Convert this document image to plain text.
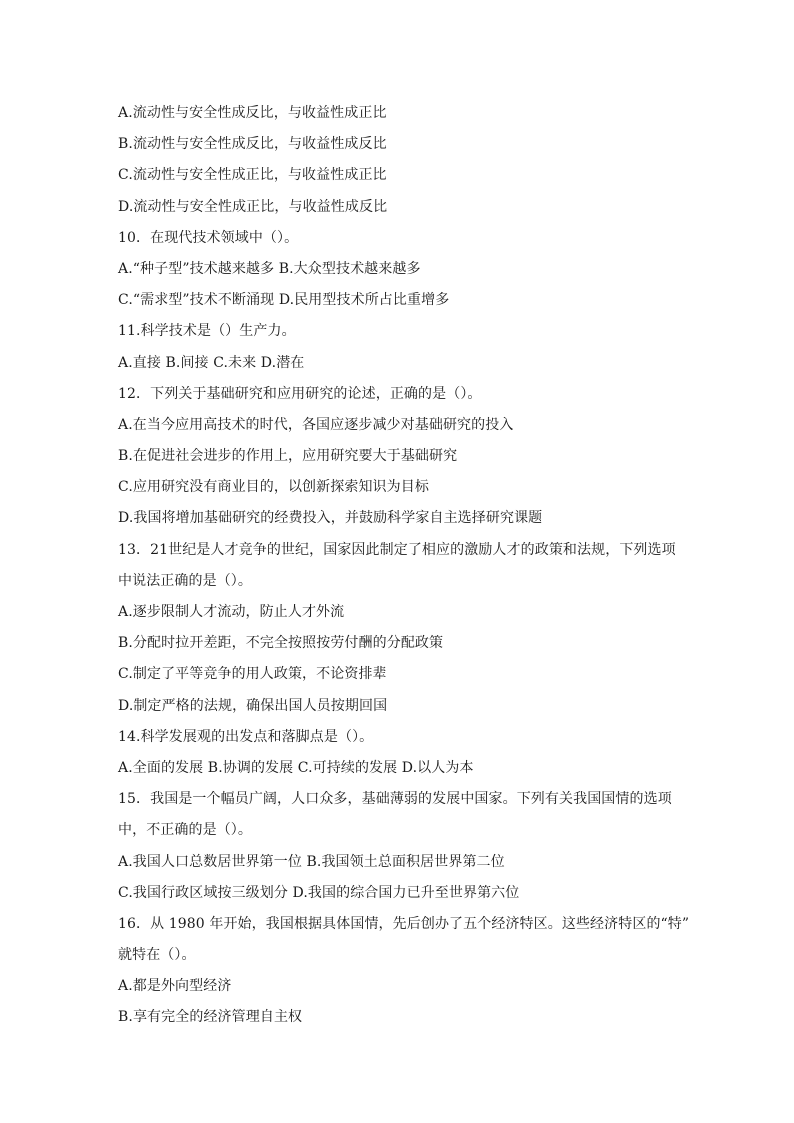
A.流动性与安全性成反比，与收益性成正比
B.流动性与安全性成反比，与收益性成反比
C.流动性与安全性成正比，与收益性成正比
D.流动性与安全性成正比，与收益性成反比
10．在现代技术领域中（）。
A.“种子型”技术越来越多 B.大众型技术越来越多
C.“需求型”技术不断涌现 D.民用型技术所占比重增多
11.科学技术是（）生产力。
A.直接 B.间接 C.未来 D.潜在
12．下列关于基础研究和应用研究的论述，正确的是（）。
A.在当今应用高技术的时代，各国应逐步减少对基础研究的投入
B.在促进社会进步的作用上，应用研究要大于基础研究
C.应用研究没有商业目的，以创新探索知识为目标
D.我国将增加基础研究的经费投入，并鼓励科学家自主选择研究课题
13．21世纪是人才竞争的世纪，国家因此制定了相应的激励人才的政策和法规，下列选项
中说法正确的是（）。
A.逐步限制人才流动，防止人才外流
B.分配时拉开差距，不完全按照按劳付酬的分配政策
C.制定了平等竞争的用人政策，不论资排辈
D.制定严格的法规，确保出国人员按期回国
14.科学发展观的出发点和落脚点是（）。
A.全面的发展 B.协调的发展 C.可持续的发展 D.以人为本
15．我国是一个幅员广阔，人口众多，基础薄弱的发展中国家。下列有关我国国情的选项
中，不正确的是（）。
A.我国人口总数居世界第一位 B.我国领土总面积居世界第二位
C.我国行政区域按三级划分 D.我国的综合国力已升至世界第六位
16．从 1980 年开始，我国根据具体国情，先后创办了五个经济特区。这些经济特区的“特”
就特在（）。
A.都是外向型经济
B.享有完全的经济管理自主权
